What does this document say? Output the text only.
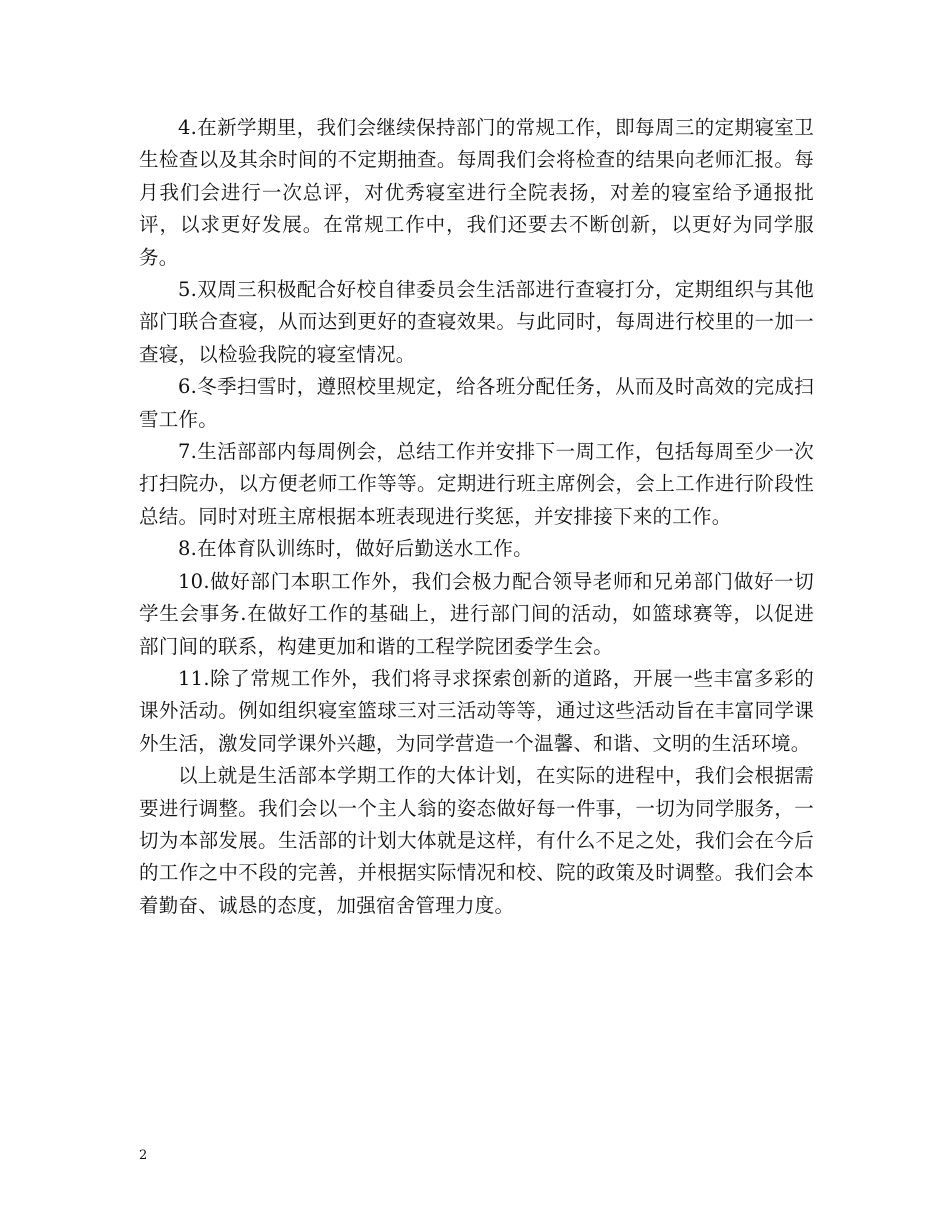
4.在新学期里，我们会继续保持部门的常规工作，即每周三的定期寝室卫生检查以及其余时间的不定期抽查。每周我们会将检查的结果向老师汇报。每月我们会进行一次总评，对优秀寝室进行全院表扬，对差的寝室给予通报批评，以求更好发展。在常规工作中，我们还要去不断创新，以更好为同学服务。

5.双周三积极配合好校自律委员会生活部进行查寝打分，定期组织与其他部门联合查寝，从而达到更好的查寝效果。与此同时，每周进行校里的一加一查寝，以检验我院的寝室情况。

6.冬季扫雪时，遵照校里规定，给各班分配任务，从而及时高效的完成扫雪工作。

7.生活部部内每周例会，总结工作并安排下一周工作，包括每周至少一次打扫院办，以方便老师工作等等。定期进行班主席例会，会上工作进行阶段性总结。同时对班主席根据本班表现进行奖惩，并安排接下来的工作。

8.在体育队训练时，做好后勤送水工作。

10.做好部门本职工作外，我们会极力配合领导老师和兄弟部门做好一切学生会事务.在做好工作的基础上，进行部门间的活动，如篮球赛等，以促进部门间的联系，构建更加和谐的工程学院团委学生会。

11.除了常规工作外，我们将寻求探索创新的道路，开展一些丰富多彩的课外活动。例如组织寝室篮球三对三活动等等，通过这些活动旨在丰富同学课外生活，激发同学课外兴趣，为同学营造一个温馨、和谐、文明的生活环境。

以上就是生活部本学期工作的大体计划，在实际的进程中，我们会根据需要进行调整。我们会以一个主人翁的姿态做好每一件事，一切为同学服务，一切为本部发展。生活部的计划大体就是这样，有什么不足之处，我们会在今后的工作之中不段的完善，并根据实际情况和校、院的政策及时调整。我们会本着勤奋、诚恳的态度，加强宿舍管理力度。

2
